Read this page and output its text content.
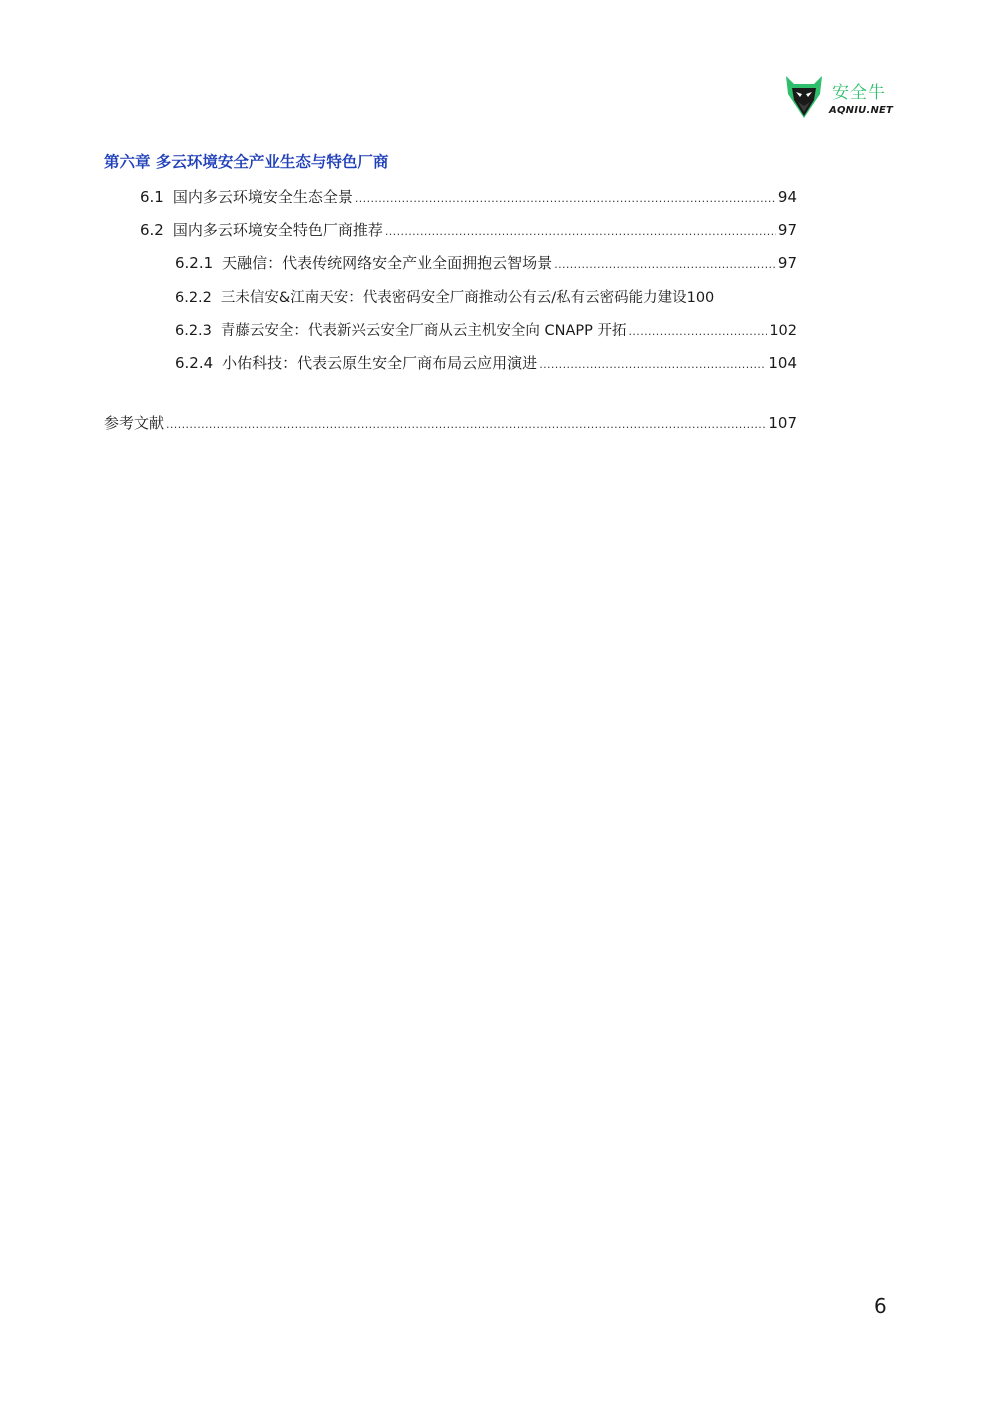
安全牛
AQNIU.NET
第六章 多云环境安全产业生态与特色厂商
6.1 国内多云环境安全生态全景 .....	94
6.2 国内多云环境安全特色厂商推荐 .....	97
6.2.1 天融信：代表传统网络安全产业全面拥抱云智场景 .....	97
6.2.2 三未信安&江南天安：代表密码安全厂商推动公有云/私有云密码能力建设 100
6.2.3 青藤云安全：代表新兴云安全厂商从云主机安全向 CNAPP 开拓 .....	102
6.2.4 小佑科技：代表云原生安全厂商布局云应用演进 .....	104
参考文献 .....	107
6
